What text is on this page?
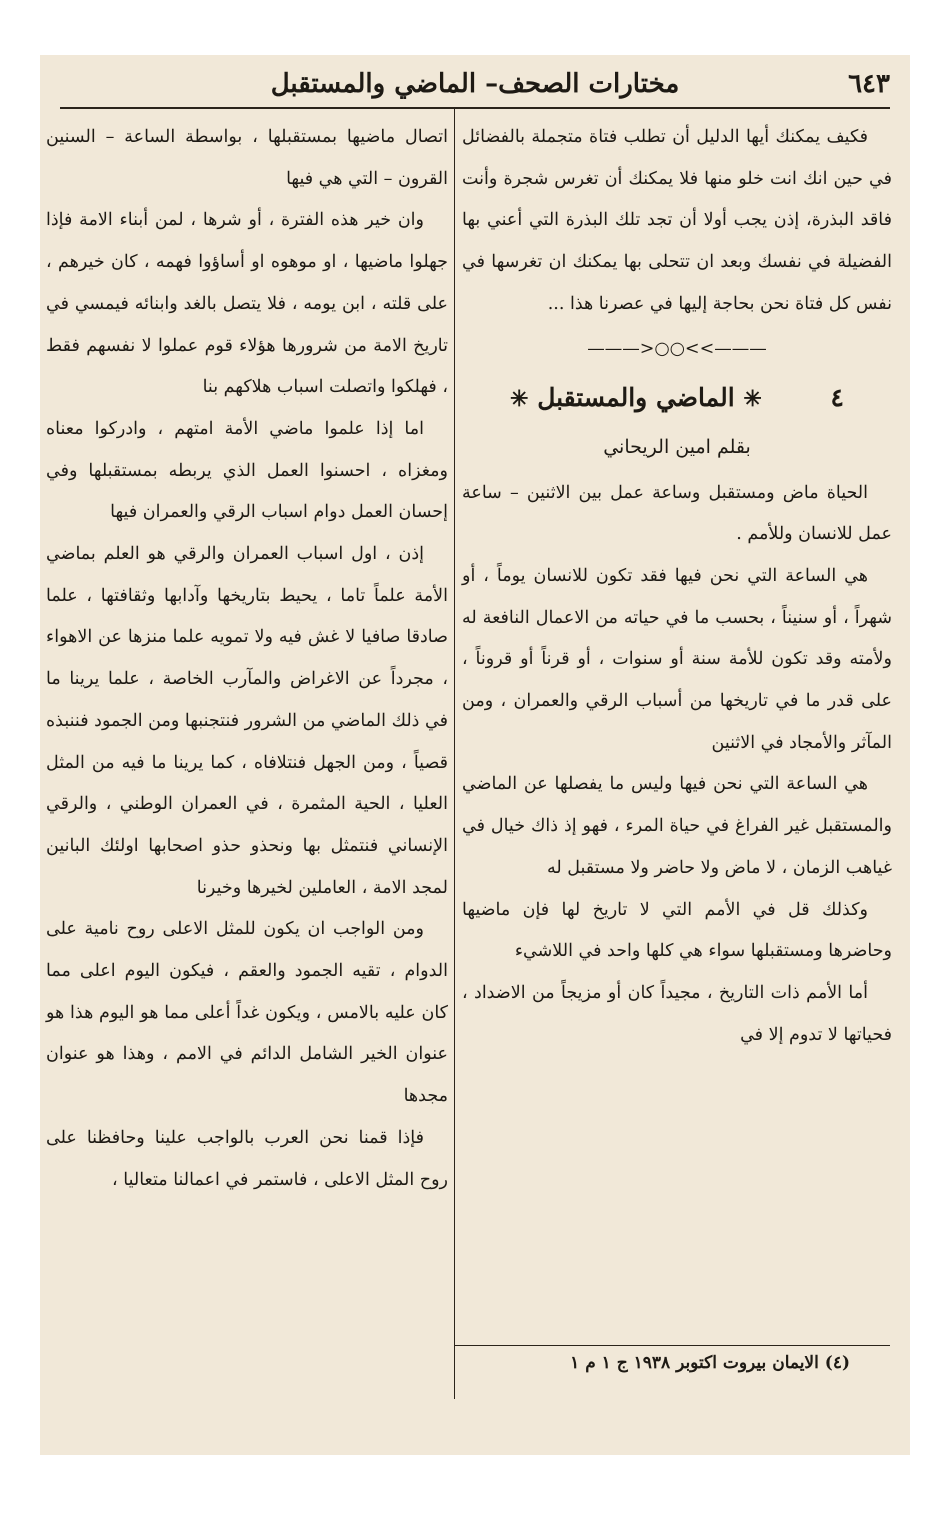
٦٤٣
مختارات الصحف– الماضي والمستقبل

فكيف يمكنك أيها الدليل أن تطلب فتاة متجملة بالفضائل في حين انك انت خلو منها فلا يمكنك أن تغرس شجرة وأنت فاقد البذرة، إذن يجب أولا أن تجد تلك البذرة التي أعني بها الفضيلة في نفسك وبعد ان تتحلى بها يمكنك ان تغرسها في نفس كل فتاة نحن بحاجة إليها في عصرنا هذا ...

———>>○○<———
٤ ✳ الماضي والمستقبل ✳
بقلم امين الريحاني

الحياة ماض ومستقبل وساعة عمل بين الاثنين – ساعة عمل للانسان وللأمم .

هي الساعة التي نحن فيها فقد تكون للانسان يوماً ، أو شهراً ، أو سنيناً ، بحسب ما في حياته من الاعمال النافعة له ولأمته وقد تكون للأمة سنة أو سنوات ، أو قرناً أو قروناً ، على قدر ما في تاريخها من أسباب الرقي والعمران ، ومن المآثر والأمجاد في الاثنين

هي الساعة التي نحن فيها وليس ما يفصلها عن الماضي والمستقبل غير الفراغ في حياة المرء ، فهو إذ ذاك خيال في غياهب الزمان ، لا ماض ولا حاضر ولا مستقبل له

وكذلك قل في الأمم التي لا تاريخ لها فإن ماضيها وحاضرها ومستقبلها سواء هي كلها واحد في اللاشيء

أما الأمم ذات التاريخ ، مجيداً كان أو مزيجاً من الاضداد ، فحياتها لا تدوم إلا في

اتصال ماضيها بمستقبلها ، بواسطة الساعة – السنين القرون – التي هي فيها

وان خير هذه الفترة ، أو شرها ، لمن أبناء الامة فإذا جهلوا ماضيها ، او موهوه او أساؤوا فهمه ، كان خيرهم ، على قلته ، ابن يومه ، فلا يتصل بالغد وابنائه فيمسي في تاريخ الامة من شرورها هؤلاء قوم عملوا لا نفسهم فقط ، فهلكوا واتصلت اسباب هلاكهم بنا

اما إذا علموا ماضي الأمة امتهم ، وادركوا معناه ومغزاه ، احسنوا العمل الذي يربطه بمستقبلها وفي إحسان العمل دوام اسباب الرقي والعمران فيها

إذن ، اول اسباب العمران والرقي هو العلم بماضي الأمة علماً تاما ، يحيط بتاريخها وآدابها وثقافتها ، علما صادقا صافيا لا غش فيه ولا تمويه علما منزها عن الاهواء ، مجرداً عن الاغراض والمآرب الخاصة ، علما يرينا ما في ذلك الماضي من الشرور فنتجنبها ومن الجمود فننبذه قصياً ، ومن الجهل فنتلافاه ، كما يرينا ما فيه من المثل العليا ، الحية المثمرة ، في العمران الوطني ، والرقي الإنساني فنتمثل بها ونحذو حذو اصحابها اولئك البانين لمجد الامة ، العاملين لخيرها وخيرنا

ومن الواجب ان يكون للمثل الاعلى روح نامية على الدوام ، تقيه الجمود والعقم ، فيكون اليوم اعلى مما كان عليه بالامس ، ويكون غداً أعلى مما هو اليوم هذا هو عنوان الخير الشامل الدائم في الامم ، وهذا هو عنوان مجدها

فإذا قمنا نحن العرب بالواجب علينا وحافظنا على روح المثل الاعلى ، فاستمر في اعمالنا متعاليا ،

(٤) الايمان بيروت اكتوبر ١٩٣٨ ج ١ م ١
